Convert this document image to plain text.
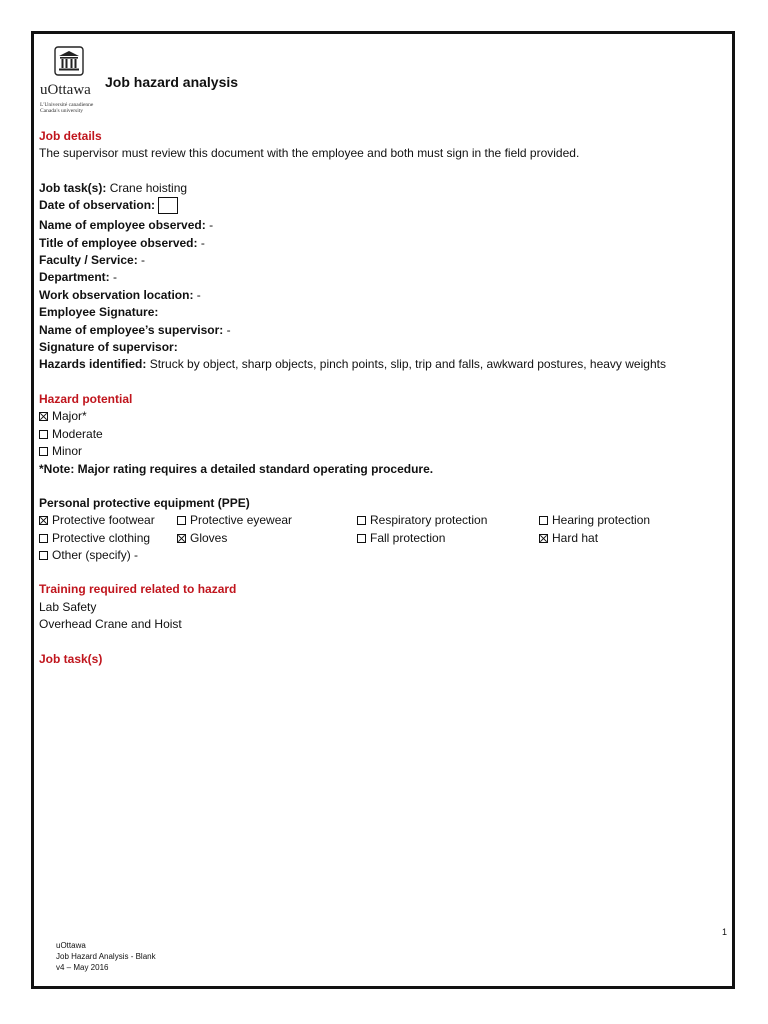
uOttawa
L'Université canadienne
Canada's university
Job hazard analysis
Job details
The supervisor must review this document with the employee and both must sign in the field provided.
Job task(s): Crane hoisting
Date of observation:
Name of employee observed: -
Title of employee observed: -
Faculty / Service: -
Department: -
Work observation location: -
Employee Signature:
Name of employee’s supervisor: -
Signature of supervisor:
Hazards identified: Struck by object, sharp objects, pinch points, slip, trip and falls, awkward postures, heavy weights
Hazard potential
Major*
Moderate
Minor
*Note: Major rating requires a detailed standard operating procedure.
Personal protective equipment (PPE)
Protective footwear	Protective eyewear	Respiratory protection	Hearing protection
Protective clothing	Gloves	Fall protection	Hard hat
Other (specify) -
Training required related to hazard
Lab Safety
Overhead Crane and Hoist
Job task(s)
1
uOttawa
Job Hazard Analysis - Blank
v4 – May 2016
